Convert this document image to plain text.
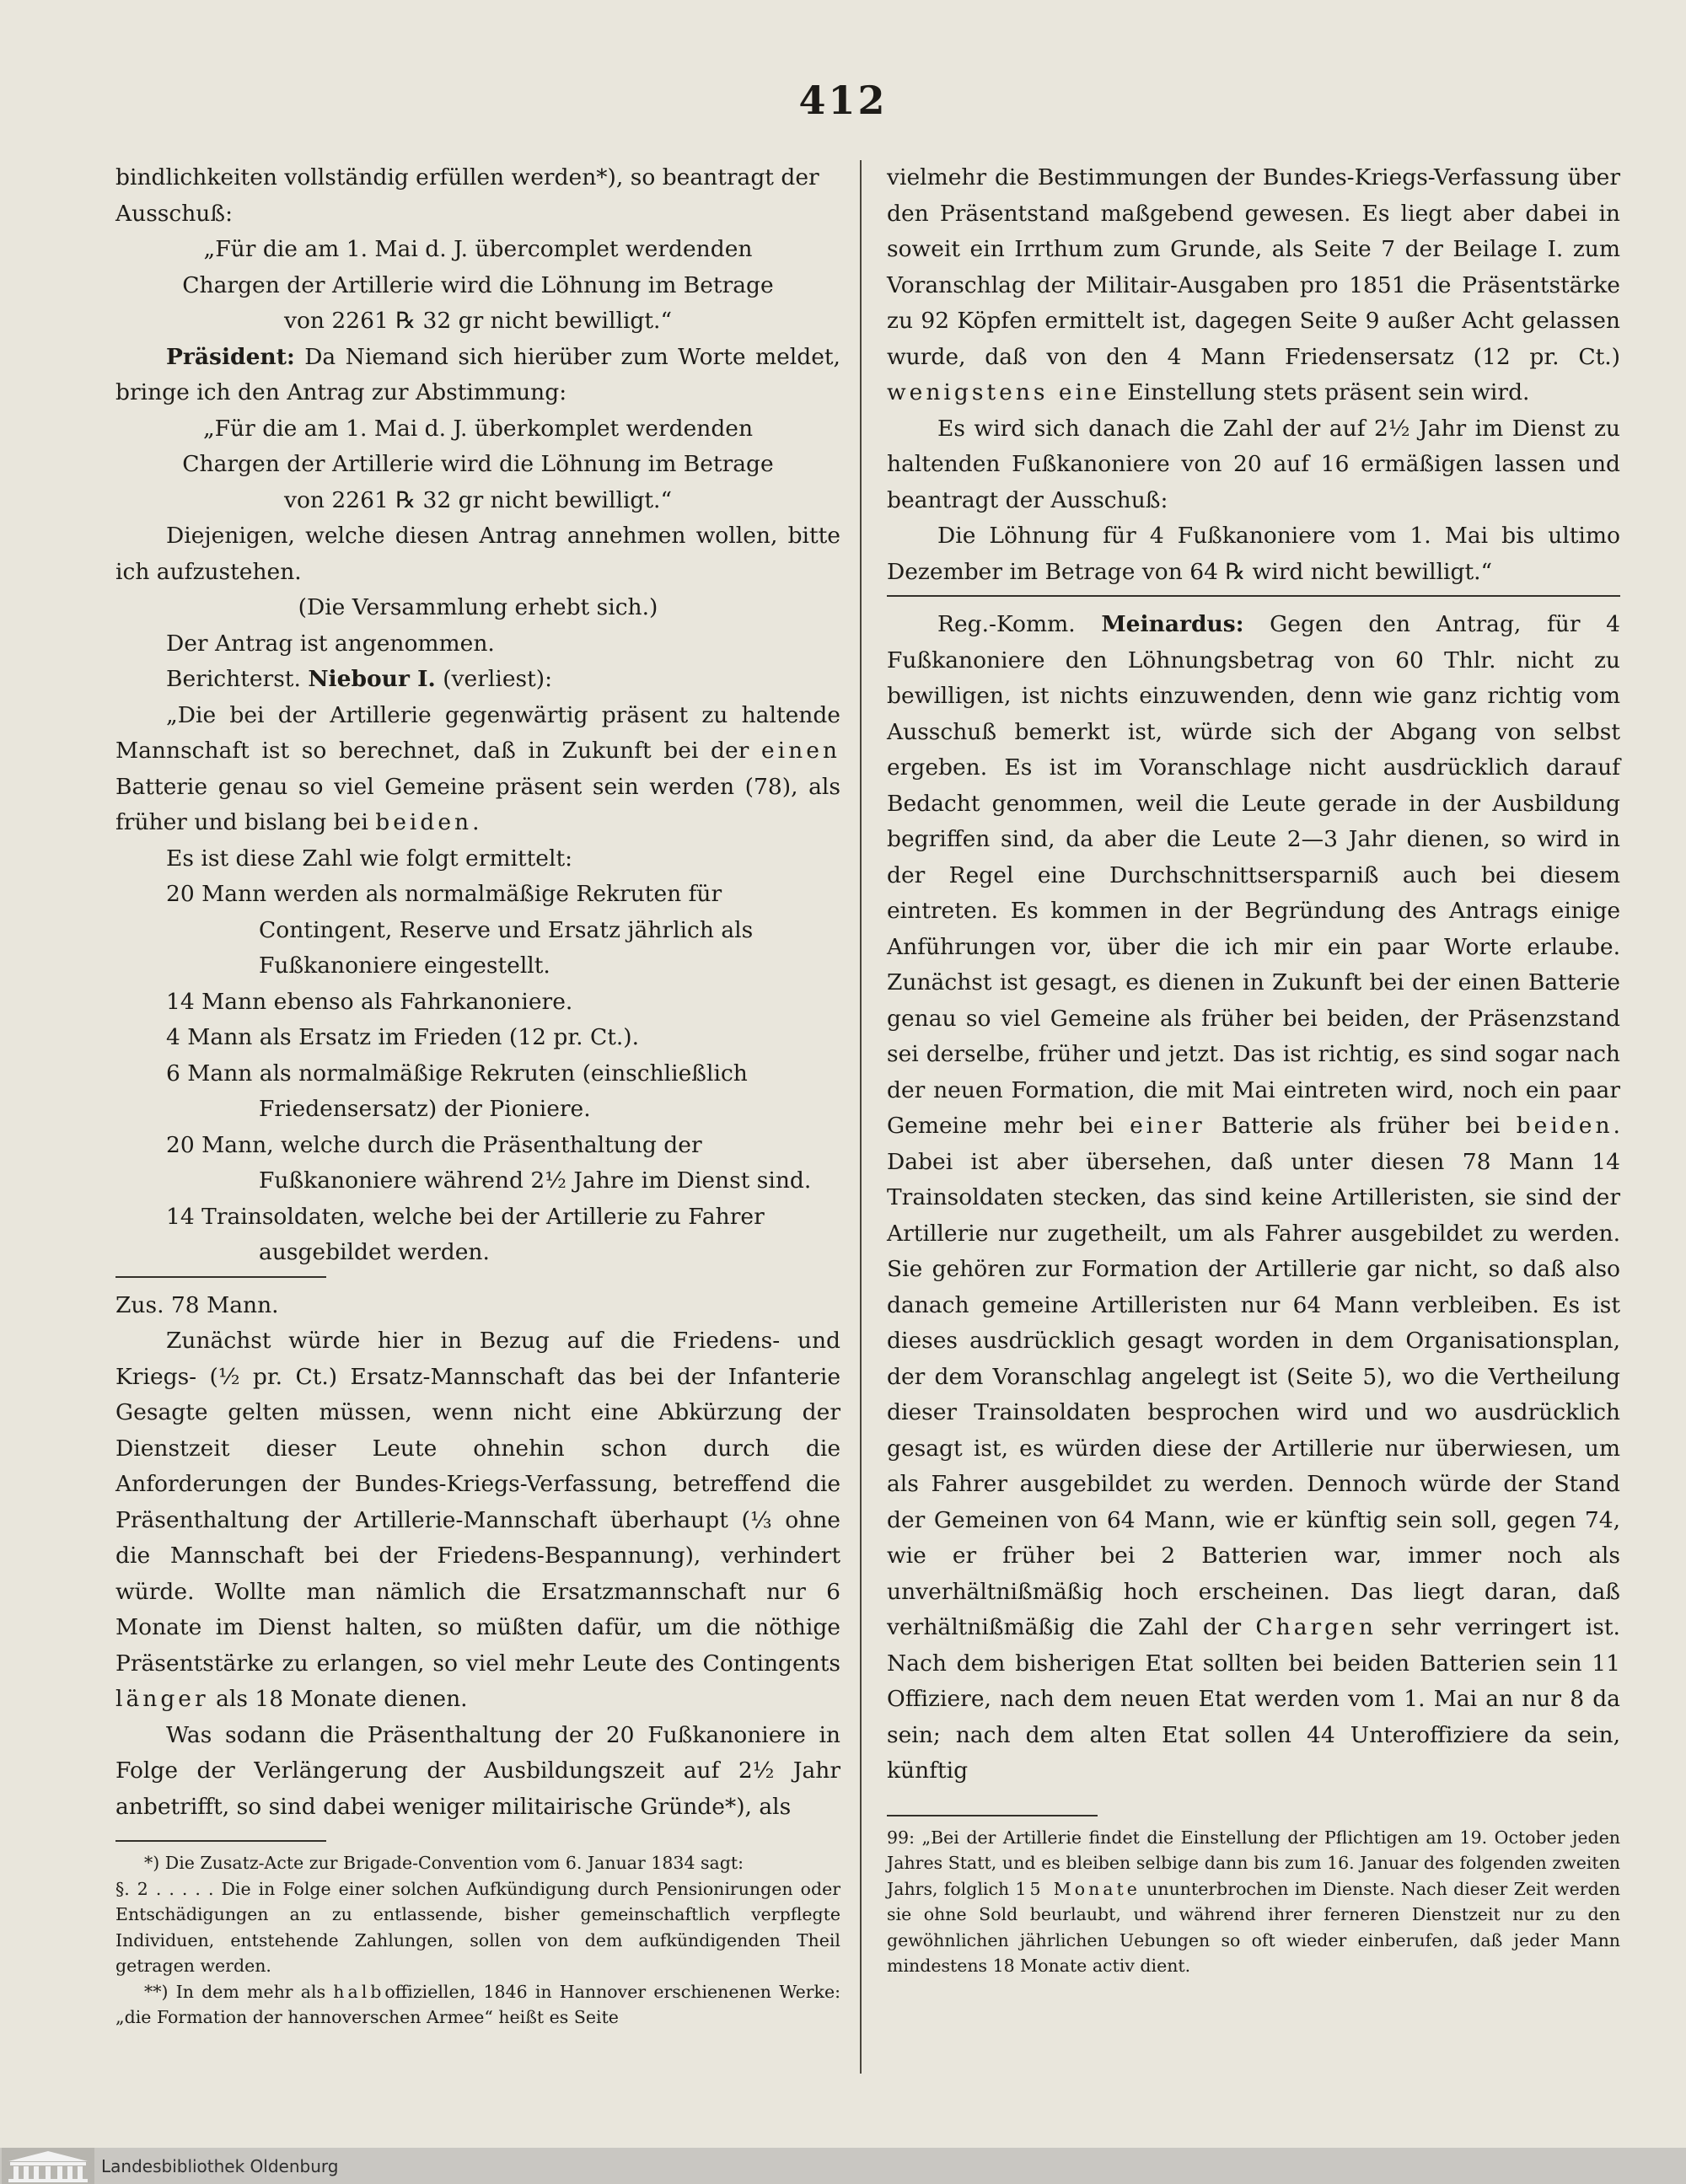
412

bindlichkeiten vollständig erfüllen werden*), so beantragt der

Ausschuß:

„Für die am 1. Mai d. J. übercomplet werdenden

Chargen der Artillerie wird die Löhnung im Betrage

von 2261 ℞ 32 gr nicht bewilligt.“

Präsident: Da Niemand sich hierüber zum Worte meldet, bringe ich den Antrag zur Abstimmung:

„Für die am 1. Mai d. J. überkomplet werdenden

Chargen der Artillerie wird die Löhnung im Betrage

von 2261 ℞ 32 gr nicht bewilligt.“

Diejenigen, welche diesen Antrag annehmen wollen, bitte ich aufzustehen.

(Die Versammlung erhebt sich.)

Der Antrag ist angenommen.

Berichterst. Niebour I. (verliest):

„Die bei der Artillerie gegenwärtig präsent zu haltende Mannschaft ist so berechnet, daß in Zukunft bei der einen Batterie genau so viel Gemeine präsent sein werden (78), als früher und bislang bei beiden.

Es ist diese Zahl wie folgt ermittelt:

20 Mann werden als normalmäßige Rekruten für Contingent, Reserve und Ersatz jährlich als Fußkanoniere eingestellt.

14 Mann ebenso als Fahrkanoniere.

4 Mann als Ersatz im Frieden (12 pr. Ct.).

6 Mann als normalmäßige Rekruten (einschließlich Friedensersatz) der Pioniere.

20 Mann, welche durch die Präsenthaltung der Fußkanoniere während 2½ Jahre im Dienst sind.

14 Trainsoldaten, welche bei der Artillerie zu Fahrer ausgebildet werden.

Zus. 78 Mann.

Zunächst würde hier in Bezug auf die Friedens- und Kriegs- (½ pr. Ct.) Ersatz-Mannschaft das bei der Infanterie Gesagte gelten müssen, wenn nicht eine Abkürzung der Dienstzeit dieser Leute ohnehin schon durch die Anforderungen der Bundes-Kriegs-Verfassung, betreffend die Präsenthaltung der Artillerie-Mannschaft überhaupt (⅓ ohne die Mannschaft bei der Friedens-Bespannung), verhindert würde. Wollte man nämlich die Ersatzmannschaft nur 6 Monate im Dienst halten, so müßten dafür, um die nöthige Präsentstärke zu erlangen, so viel mehr Leute des Contingents länger als 18 Monate dienen.

Was sodann die Präsenthaltung der 20 Fußkanoniere in Folge der Verlängerung der Ausbildungszeit auf 2½ Jahr anbetrifft, so sind dabei weniger militairische Gründe*), als

*) Die Zusatz-Acte zur Brigade-Convention vom 6. Januar 1834 sagt:

§. 2 . . . . . Die in Folge einer solchen Aufkündigung durch Pensionirungen oder Entschädigungen an zu entlassende, bisher gemeinschaftlich verpflegte Individuen, entstehende Zahlungen, sollen von dem aufkündigenden Theil getragen werden.

**) In dem mehr als halboffiziellen, 1846 in Hannover erschienenen Werke: „die Formation der hannoverschen Armee“ heißt es Seite

vielmehr die Bestimmungen der Bundes-Kriegs-Verfassung über den Präsentstand maßgebend gewesen. Es liegt aber dabei in soweit ein Irrthum zum Grunde, als Seite 7 der Beilage I. zum Voranschlag der Militair-Ausgaben pro 1851 die Präsentstärke zu 92 Köpfen ermittelt ist, dagegen Seite 9 außer Acht gelassen wurde, daß von den 4 Mann Friedensersatz (12 pr. Ct.) wenigstens eine Einstellung stets präsent sein wird.

Es wird sich danach die Zahl der auf 2½ Jahr im Dienst zu haltenden Fußkanoniere von 20 auf 16 ermäßigen lassen und beantragt der Ausschuß:

Die Löhnung für 4 Fußkanoniere vom 1. Mai bis ultimo Dezember im Betrage von 64 ℞ wird nicht bewilligt.“

Reg.-Komm. Meinardus: Gegen den Antrag, für 4 Fußkanoniere den Löhnungsbetrag von 60 Thlr. nicht zu bewilligen, ist nichts einzuwenden, denn wie ganz richtig vom Ausschuß bemerkt ist, würde sich der Abgang von selbst ergeben. Es ist im Voranschlage nicht ausdrücklich darauf Bedacht genommen, weil die Leute gerade in der Ausbildung begriffen sind, da aber die Leute 2—3 Jahr dienen, so wird in der Regel eine Durchschnittsersparniß auch bei diesem eintreten. Es kommen in der Begründung des Antrags einige Anführungen vor, über die ich mir ein paar Worte erlaube. Zunächst ist gesagt, es dienen in Zukunft bei der einen Batterie genau so viel Gemeine als früher bei beiden, der Präsenzstand sei derselbe, früher und jetzt. Das ist richtig, es sind sogar nach der neuen Formation, die mit Mai eintreten wird, noch ein paar Gemeine mehr bei einer Batterie als früher bei beiden. Dabei ist aber übersehen, daß unter diesen 78 Mann 14 Trainsoldaten stecken, das sind keine Artilleristen, sie sind der Artillerie nur zugetheilt, um als Fahrer ausgebildet zu werden. Sie gehören zur Formation der Artillerie gar nicht, so daß also danach gemeine Artilleristen nur 64 Mann verbleiben. Es ist dieses ausdrücklich gesagt worden in dem Organisationsplan, der dem Voranschlag angelegt ist (Seite 5), wo die Vertheilung dieser Trainsoldaten besprochen wird und wo ausdrücklich gesagt ist, es würden diese der Artillerie nur überwiesen, um als Fahrer ausgebildet zu werden. Dennoch würde der Stand der Gemeinen von 64 Mann, wie er künftig sein soll, gegen 74, wie er früher bei 2 Batterien war, immer noch als unverhältnißmäßig hoch erscheinen. Das liegt daran, daß verhältnißmäßig die Zahl der Chargen sehr verringert ist. Nach dem bisherigen Etat sollten bei beiden Batterien sein 11 Offiziere, nach dem neuen Etat werden vom 1. Mai an nur 8 da sein; nach dem alten Etat sollen 44 Unteroffiziere da sein, künftig

99: „Bei der Artillerie findet die Einstellung der Pflichtigen am 19. October jeden Jahres Statt, und es bleiben selbige dann bis zum 16. Januar des folgenden zweiten Jahrs, folglich 15 Monate ununterbrochen im Dienste. Nach dieser Zeit werden sie ohne Sold beurlaubt, und während ihrer ferneren Dienstzeit nur zu den gewöhnlichen jährlichen Uebungen so oft wieder einberufen, daß jeder Mann mindestens 18 Monate activ dient.

Landesbibliothek Oldenburg
